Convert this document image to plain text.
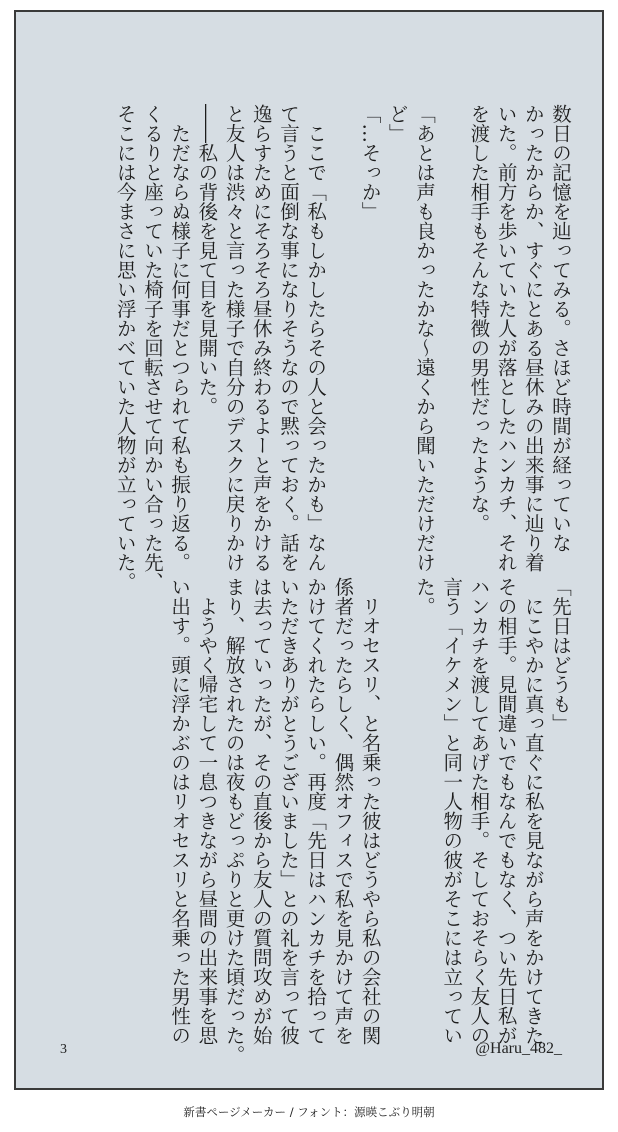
数日の記憶を辿ってみる。さほど時間が経っていな
かったからか、すぐにとある昼休みの出来事に辿り着
いた。前方を歩いていた人が落としたハンカチ、それ
を渡した相手もそんな特徴の男性だったような。

「あとは声も良かったかな〜遠くから聞いただけだけ
ど」
「…そっか」

　ここで「私もしかしたらその人と会ったかも」なん
て言うと面倒な事になりそうなので黙っておく。話を
逸らすためにそろそろ昼休み終わるよーと声をかける
と友人は渋々と言った様子で自分のデスクに戻りかけ
――私の背後を見て目を見開いた。
　ただならぬ様子に何事だとつられて私も振り返る。
くるりと座っていた椅子を回転させて向かい合った先、
そこには今まさに思い浮かべていた人物が立っていた。
「先日はどうも」
　にこやかに真っ直ぐに私を見ながら声をかけてきた
その相手。見間違いでもなんでもなく、つい先日私が
ハンカチを渡してあげた相手。そしておそらく友人の
言う「イケメン」と同一人物の彼がそこには立ってい
た。

　リオセスリ、と名乗った彼はどうやら私の会社の関
係者だったらしく、偶然オフィスで私を見かけて声を
かけてくれたらしい。再度「先日はハンカチを拾って
いただきありがとうございました」との礼を言って彼
は去っていったが、その直後から友人の質問攻めが始
まり、解放されたのは夜もどっぷりと更けた頃だった。
　ようやく帰宅して一息つきながら昼間の出来事を思
い出す。頭に浮かぶのはリオセスリと名乗った男性の
3	@Haru_482_
新書ページメーカー / フォント：源暎こぶり明朝
